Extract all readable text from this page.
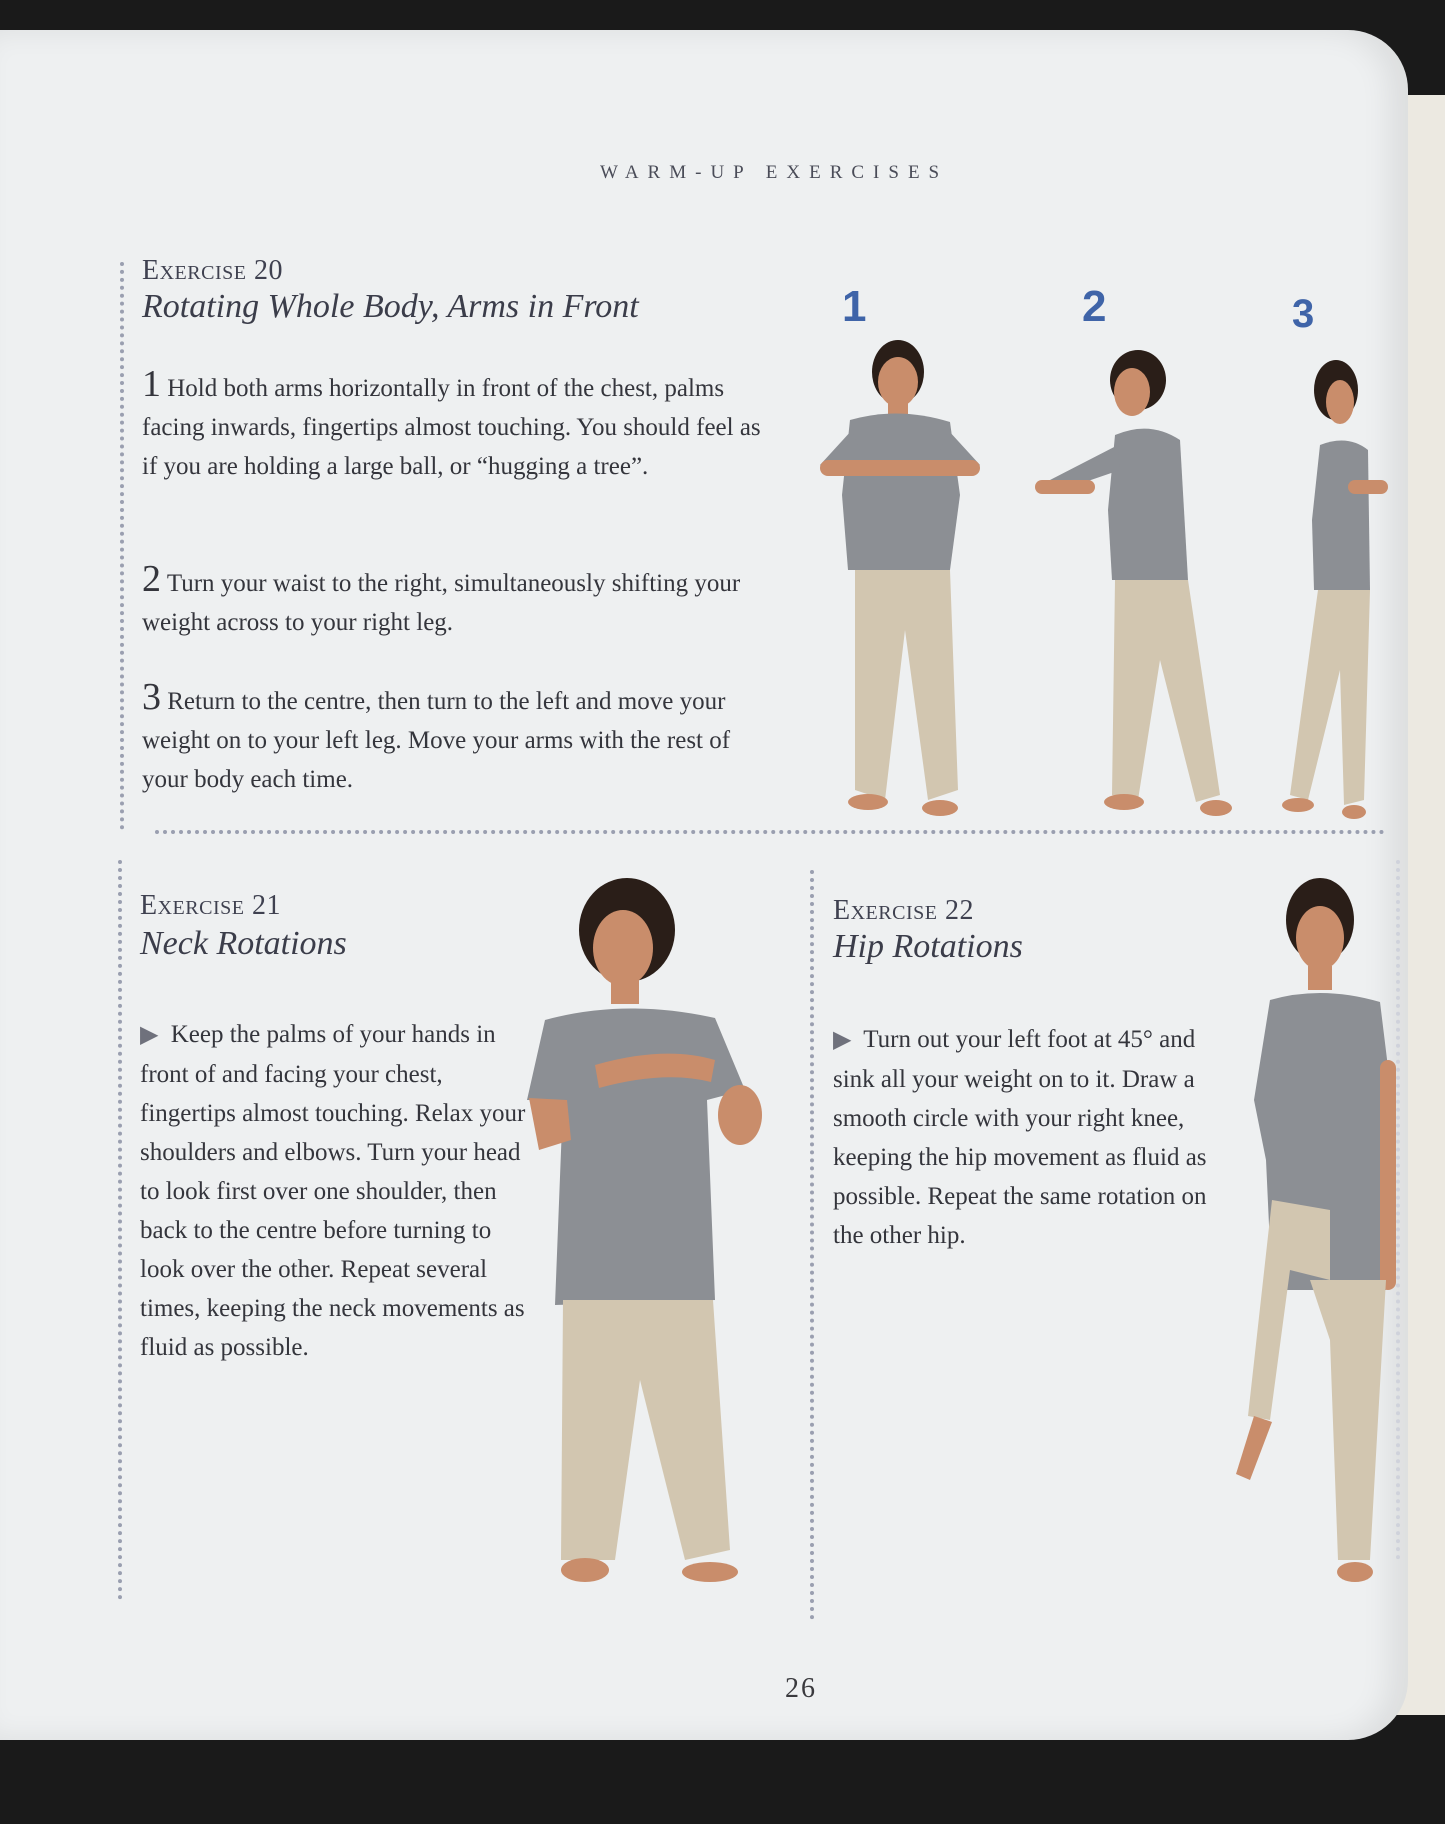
WARM-UP EXERCISES
Exercise 20
Rotating Whole Body, Arms in Front

1 Hold both arms horizontally in front of the chest, palms facing inwards, fingertips almost touching. You should feel as if you are holding a large ball, or “hugging a tree”.

2 Turn your waist to the right, simultaneously shifting your weight across to your right leg.

3 Return to the centre, then turn to the left and move your weight on to your left leg. Move your arms with the rest of your body each time.

1	2	3
Exercise 21
Neck Rotations

▶ Keep the palms of your hands in front of and facing your chest, fingertips almost touching. Relax your shoulders and elbows. Turn your head to look first over one shoulder, then back to the centre before turning to look over the other. Repeat several times, keeping the neck movements as fluid as possible.

Exercise 22
Hip Rotations

▶ Turn out your left foot at 45° and sink all your weight on to it. Draw a smooth circle with your right knee, keeping the hip movement as fluid as possible. Repeat the same rotation on the other hip.

26
